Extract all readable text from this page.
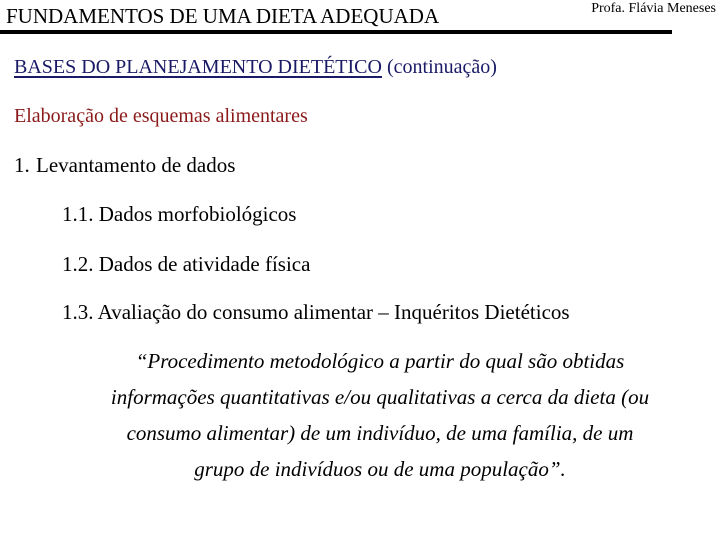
FUNDAMENTOS DE UMA DIETA ADEQUADA	Profa. Flávia Meneses
BASES DO PLANEJAMENTO DIETÉTICO (continuação)
Elaboração de esquemas alimentares
1. Levantamento de dados
1.1. Dados morfobiológicos
1.2. Dados de atividade física
1.3. Avaliação do consumo alimentar – Inquéritos Dietéticos
“Procedimento metodológico a partir do qual são obtidas
informações quantitativas e/ou qualitativas a cerca da dieta (ou
consumo alimentar) de um indivíduo, de uma família, de um
grupo de indivíduos ou de uma população”.
